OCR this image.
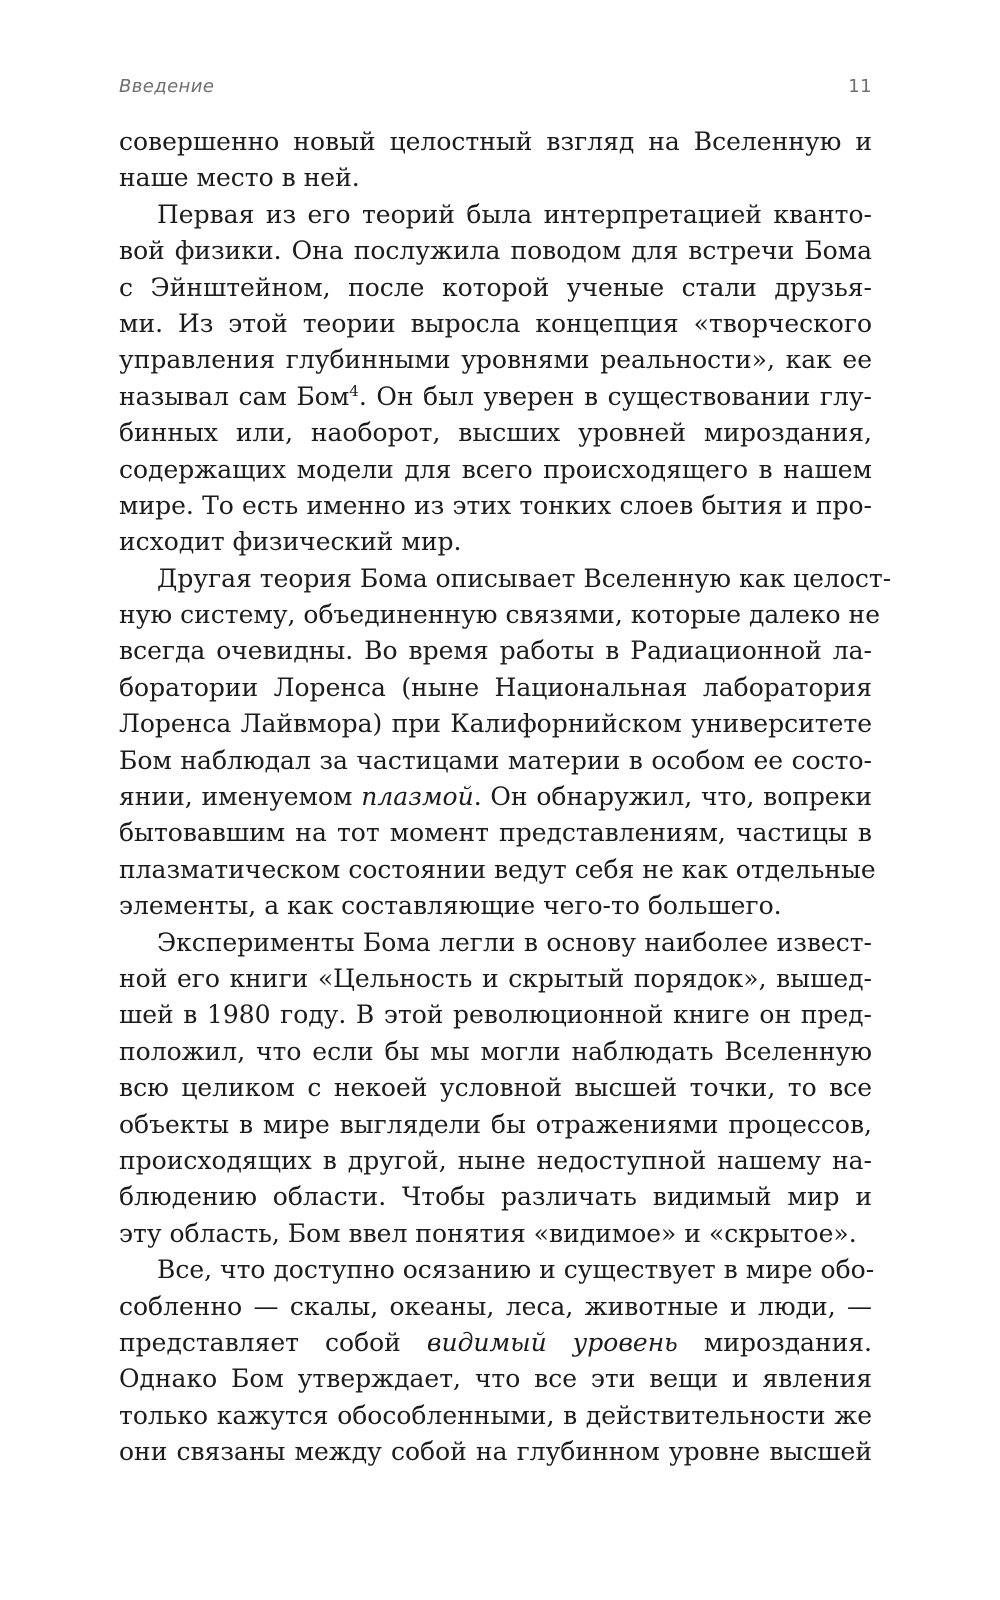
Введение	11
совершенно новый целостный взгляд на Вселенную и
наше место в ней.
Первая из его теорий была интерпретацией кванто-
вой физики. Она послужила поводом для встречи Бома
с Эйнштейном, после которой ученые стали друзья-
ми. Из этой теории выросла концепция «творческого
управления глубинными уровнями реальности», как ее
называл сам Бом$^4$. Он был уверен в существовании глу-
бинных или, наоборот, высших уровней мироздания,
содержащих модели для всего происходящего в нашем
мире. То есть именно из этих тонких слоев бытия и про-
исходит физический мир.
Другая теория Бома описывает Вселенную как целост-
ную систему, объединенную связями, которые далеко не
всегда очевидны. Во время работы в Радиационной ла-
боратории Лоренса (ныне Национальная лаборатория
Лоренса Лайвмора) при Калифорнийском университете
Бом наблюдал за частицами материи в особом ее состо-
янии, именуемом плазмой. Он обнаружил, что, вопреки
бытовавшим на тот момент представлениям, частицы в
плазматическом состоянии ведут себя не как отдельные
элементы, а как составляющие чего-то большего.
Эксперименты Бома легли в основу наиболее извест-
ной его книги «Цельность и скрытый порядок», вышед-
шей в 1980 году. В этой революционной книге он пред-
положил, что если бы мы могли наблюдать Вселенную
всю целиком с некоей условной высшей точки, то все
объекты в мире выглядели бы отражениями процессов,
происходящих в другой, ныне недоступной нашему на-
блюдению области. Чтобы различать видимый мир и
эту область, Бом ввел понятия «видимое» и «скрытое».
Все, что доступно осязанию и существует в мире обо-
собленно — скалы, океаны, леса, животные и люди, —
представляет собой видимый уровень мироздания.
Однако Бом утверждает, что все эти вещи и явления
только кажутся обособленными, в действительности же
они связаны между собой на глубинном уровне высшей
